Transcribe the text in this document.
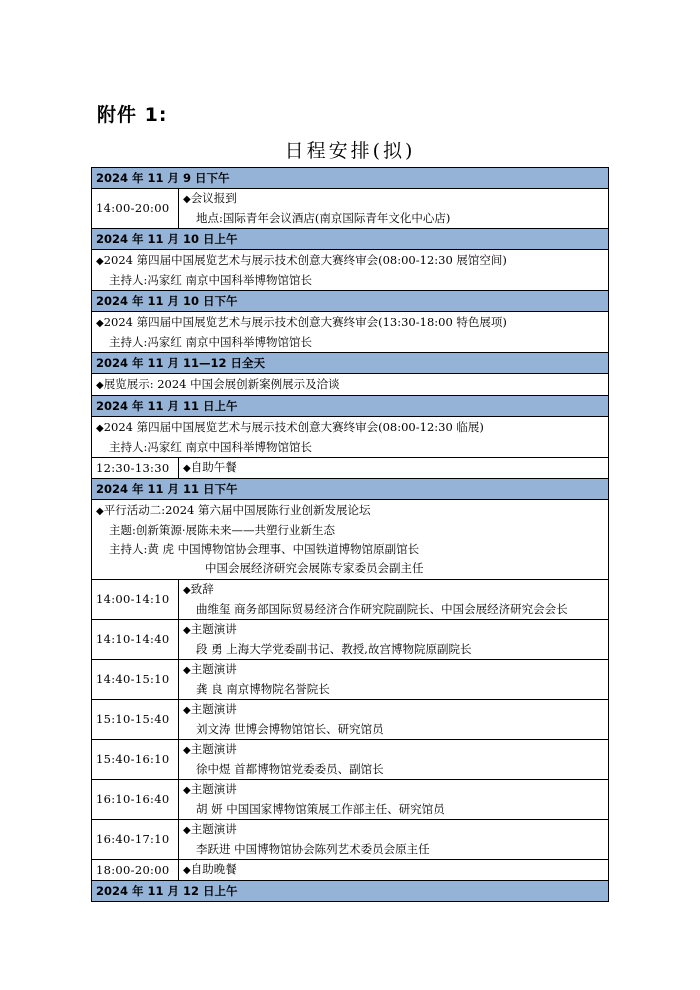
附件 1:
日程安排(拟)
2024 年 11 月 9 日下午	
14:00-20:00	◆会议报到
地点:国际青年会议酒店(南京国际青年文化中心店)

2024 年 11 月 10 日上午	

◆2024 第四届中国展览艺术与展示技术创意大赛终审会(08:00-12:30 展馆空间)
主持人:冯家红 南京中国科举博物馆馆长	

2024 年 11 月 10 日下午	

◆2024 第四届中国展览艺术与展示技术创意大赛终审会(13:30-18:00 特色展项)
主持人:冯家红 南京中国科举博物馆馆长	

2024 年 11 月 11—12 日全天	

◆展览展示: 2024 中国会展创新案例展示及洽谈	

2024 年 11 月 11 日上午	

◆2024 第四届中国展览艺术与展示技术创意大赛终审会(08:00-12:30 临展)
主持人:冯家红 南京中国科举博物馆馆长	

12:30-13:30	◆自助午餐

2024 年 11 月 11 日下午	

◆平行活动二:2024 第六届中国展陈行业创新发展论坛
主题:创新策源·展陈未来——共塑行业新生态
主持人:黄 虎 中国博物馆协会理事、中国铁道博物馆原副馆长
中国会展经济研究会展陈专家委员会副主任	

14:00-14:10	◆致辞
曲维玺 商务部国际贸易经济合作研究院副院长、中国会展经济研究会会长

14:10-14:40	◆主题演讲
段 勇 上海大学党委副书记、教授,故宫博物院原副院长

14:40-15:10	◆主题演讲
龚 良 南京博物院名誉院长

15:10-15:40	◆主题演讲
刘文涛 世博会博物馆馆长、研究馆员

15:40-16:10	◆主题演讲
徐中煜 首都博物馆党委委员、副馆长

16:10-16:40	◆主题演讲
胡 妍 中国国家博物馆策展工作部主任、研究馆员

16:40-17:10	◆主题演讲
李跃进 中国博物馆协会陈列艺术委员会原主任

18:00-20:00	◆自助晚餐

2024 年 11 月 12 日上午	
